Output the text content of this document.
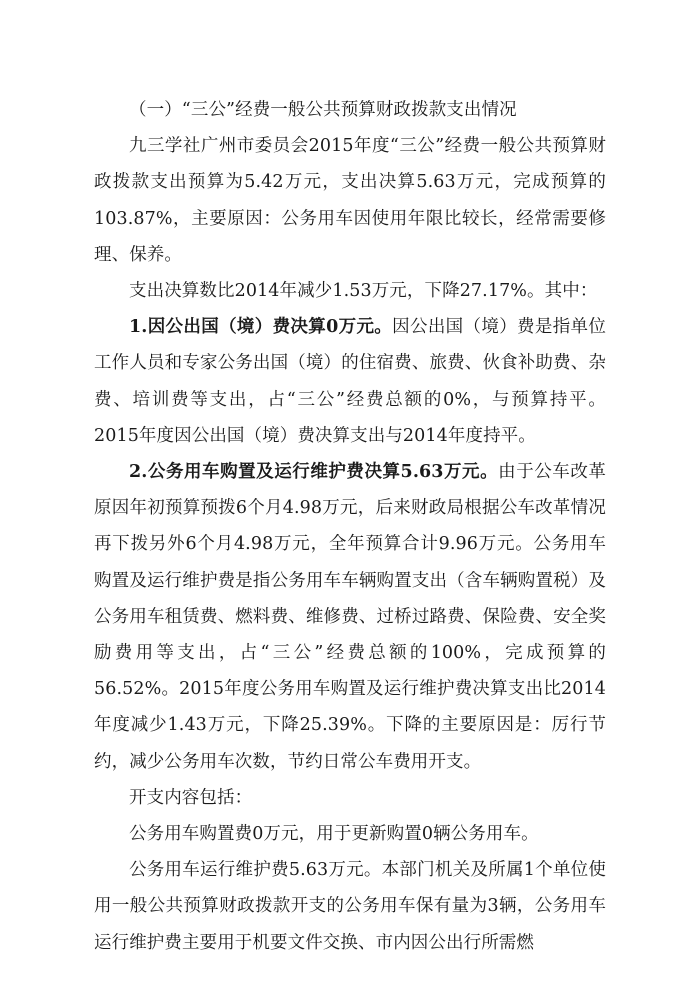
（一）“三公”经费一般公共预算财政拨款支出情况

九三学社广州市委员会2015年度“三公”经费一般公共预算财政拨款支出预算为5.42万元，支出决算5.63万元，完成预算的103.87%，主要原因：公务用车因使用年限比较长，经常需要修理、保养。

支出决算数比2014年减少1.53万元，下降27.17%。其中：

1.因公出国（境）费决算0万元。因公出国（境）费是指单位工作人员和专家公务出国（境）的住宿费、旅费、伙食补助费、杂费、培训费等支出，占“三公”经费总额的0%，与预算持平。2015年度因公出国（境）费决算支出与2014年度持平。

2.公务用车购置及运行维护费决算5.63万元。由于公车改革原因年初预算预拨6个月4.98万元，后来财政局根据公车改革情况再下拨另外6个月4.98万元，全年预算合计9.96万元。公务用车购置及运行维护费是指公务用车车辆购置支出（含车辆购置税）及公务用车租赁费、燃料费、维修费、过桥过路费、保险费、安全奖励费用等支出，占“三公”经费总额的100%，完成预算的56.52%。2015年度公务用车购置及运行维护费决算支出比2014年度减少1.43万元，下降25.39%。下降的主要原因是：厉行节约，减少公务用车次数，节约日常公车费用开支。

开支内容包括：

公务用车购置费0万元，用于更新购置0辆公务用车。

公务用车运行维护费5.63万元。本部门机关及所属1个单位使用一般公共预算财政拨款开支的公务用车保有量为3辆，公务用车运行维护费主要用于机要文件交换、市内因公出行所需燃
